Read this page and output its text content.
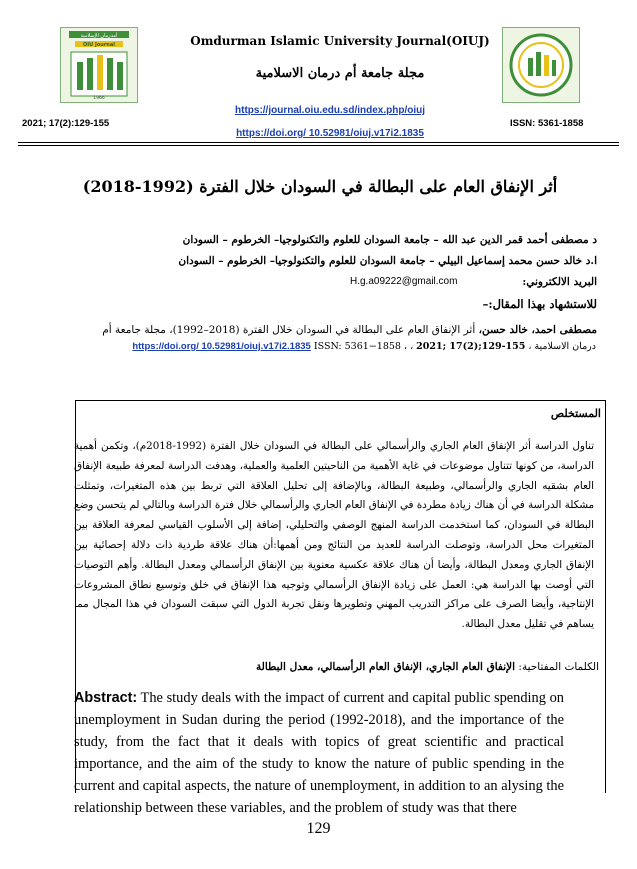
أمدرمان الإسلامية
OIU Journal
1966
Omdurman Islamic University Journal(OIUJ)
مجلة جامعة أم درمان الاسلامية
https://journal.oiu.edu.sd/index.php/oiuj
https://doi.org/ 10.52981/oiuj.v17i2.1835
2021; 17(2):129-155	ISSN: 5361-1858
أثر الإنفاق العام على البطالة في السودان خلال الفترة (1992-2018)
د مصطفى أحمد قمر الدين عبد الله – جامعة السودان للعلوم والتكنولوجيا– الخرطوم – السودان
ا.د خالد حسن محمد إسماعيل البيلي – جامعة السودان للعلوم والتكنولوجيا– الخرطوم – السودان
البريد الالكتروني:
H.g.a09222@gmail.com
للاستشهاد بهذا المقال:–
مصطفى احمد، خالد حسن، أثر الإنفاق العام على البطالة في السودان خلال الفترة (2018–1992)، مجلة جامعة أم
درمان الاسلامية ، 2021; 17(2);129-155 ، ISSN: 5361−1858 ، https://doi.org/ 10.52981/oiuj.v17i2.1835
المستخلص
تناول الدراسة أثر الإنفاق العام الجاري والرأسمالي على البطالة في السودان خلال الفترة (1992-2018م)، وتكمن أهمية الدراسة، من كونها تتناول موضوعات في غاية الأهمية من الناحيتين العلمية والعملية، وهدفت الدراسة لمعرفة طبيعة الإنفاق العام بشقيه الجاري والرأسمالي، وطبيعة البطالة، وبالإضافة إلى تحليل العلاقة التي تربط بين هذه المتغيرات، وتمثلت مشكلة الدراسة في أن هناك زيادة مطردة في الإنفاق العام الجاري والرأسمالي خلال فترة الدراسة وبالتالي لم يتحسن وضع البطالة في السودان، كما استخدمت الدراسة المنهج الوصفي والتحليلي، إضافة إلى الأسلوب القياسي لمعرفة العلاقة بين المتغيرات محل الدراسة، وتوصلت الدراسة للعديد من النتائج ومن أهمها:أن هناك علاقة طردية ذات دلالة إحصائية بين الإنفاق الجاري ومعدل البطالة، وأيضا أن هناك علاقة عكسية معنوية بين الإنفاق الرأسمالي ومعدل البطالة. وأهم التوصيات التي أوصت بها الدراسة هي: العمل على زيادة الإنفاق الرأسمالي وتوجيه هذا الإنفاق في خلق وتوسيع نطاق المشروعات الإنتاجية، وأيضا الصرف على مراكز التدريب المهني وتطويرها ونقل تجربة الدول التي سبقت السودان في هذا المجال مما يساهم في تقليل معدل البطالة.
الكلمات المفتاحية: الإنفاق العام الجاري، الإنفاق العام الرأسمالي، معدل البطالة
Abstract: The study deals with the impact of current and capital public spending on unemployment in Sudan during the period (1992-2018), and the importance of the study, from the fact that it deals with topics of great scientific and practical importance, and the aim of the study to know the nature of public spending in the current and capital aspects, the nature of unemployment, in addition to an alysing the relationship between these variables, and the problem of study was that there
129
